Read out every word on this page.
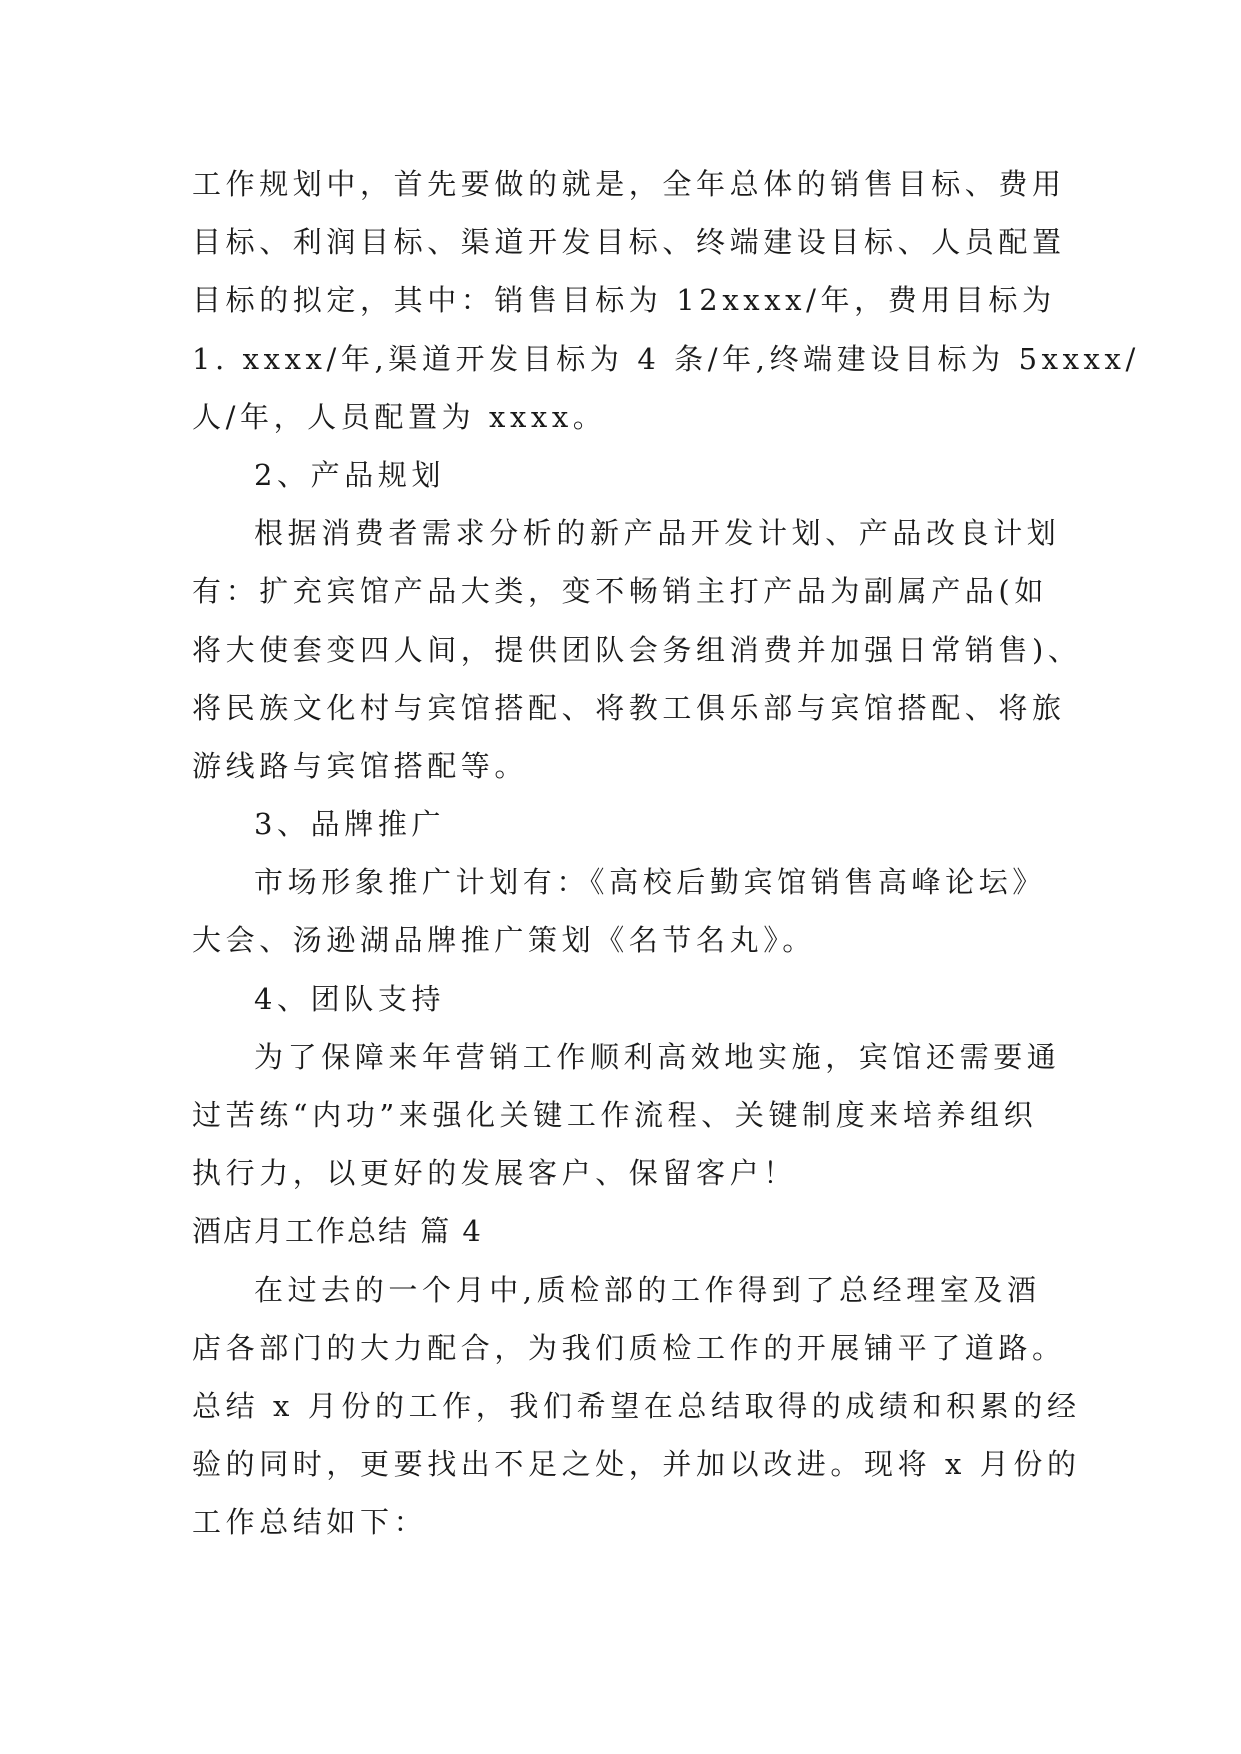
工作规划中，首先要做的就是，全年总体的销售目标、费用
目标、利润目标、渠道开发目标、终端建设目标、人员配置
目标的拟定，其中：销售目标为 12xxxx/年，费用目标为
1. xxxx/年,渠道开发目标为 4 条/年,终端建设目标为 5xxxx/
人/年，人员配置为 xxxx。
2、产品规划
根据消费者需求分析的新产品开发计划、产品改良计划
有：扩充宾馆产品大类，变不畅销主打产品为副属产品(如
将大使套变四人间，提供团队会务组消费并加强日常销售)、
将民族文化村与宾馆搭配、将教工俱乐部与宾馆搭配、将旅
游线路与宾馆搭配等。
3、品牌推广
市场形象推广计划有：《高校后勤宾馆销售高峰论坛》
大会、汤逊湖品牌推广策划《名节名丸》。
4、团队支持
为了保障来年营销工作顺利高效地实施，宾馆还需要通
过苦练“内功”来强化关键工作流程、关键制度来培养组织
执行力，以更好的发展客户、保留客户！
酒店月工作总结 篇 4
在过去的一个月中,质检部的工作得到了总经理室及酒
店各部门的大力配合，为我们质检工作的开展铺平了道路。
总结 x 月份的工作，我们希望在总结取得的成绩和积累的经
验的同时，更要找出不足之处，并加以改进。现将 x 月份的
工作总结如下：
